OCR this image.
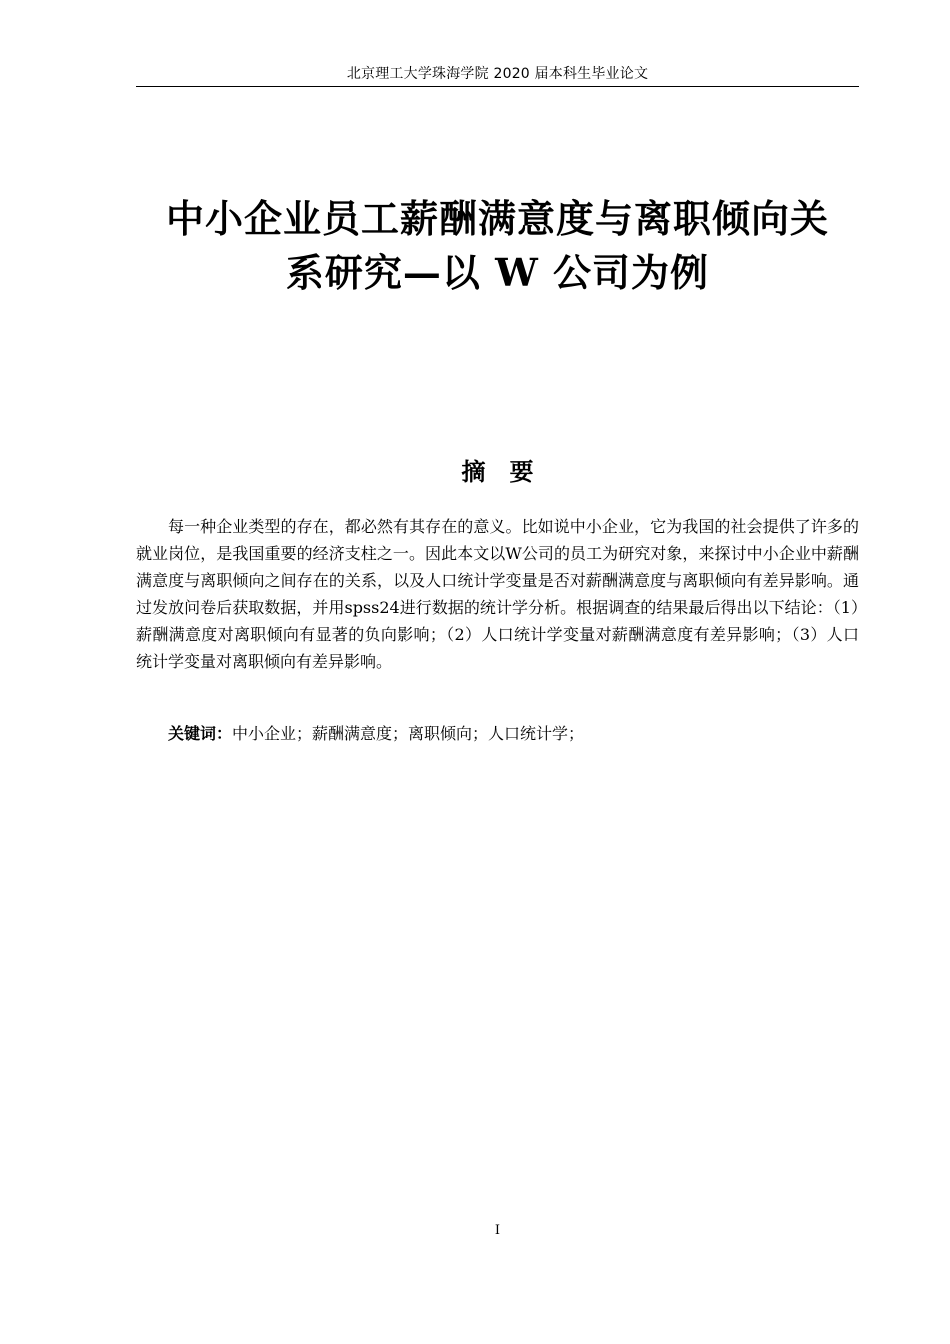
北京理工大学珠海学院 2020 届本科生毕业论文
中小企业员工薪酬满意度与离职倾向关
系研究—以 W 公司为例
摘要

每一种企业类型的存在，都必然有其存在的意义。比如说中小企业，它为我国的社会提供了许多的就业岗位，是我国重要的经济支柱之一。因此本文以W公司的员工为研究对象，来探讨中小企业中薪酬满意度与离职倾向之间存在的关系，以及人口统计学变量是否对薪酬满意度与离职倾向有差异影响。通过发放问卷后获取数据，并用spss24进行数据的统计学分析。根据调查的结果最后得出以下结论：（1）薪酬满意度对离职倾向有显著的负向影响；（2）人口统计学变量对薪酬满意度有差异影响；（3）人口统计学变量对离职倾向有差异影响。

关键词：中小企业；薪酬满意度；离职倾向；人口统计学；

I
